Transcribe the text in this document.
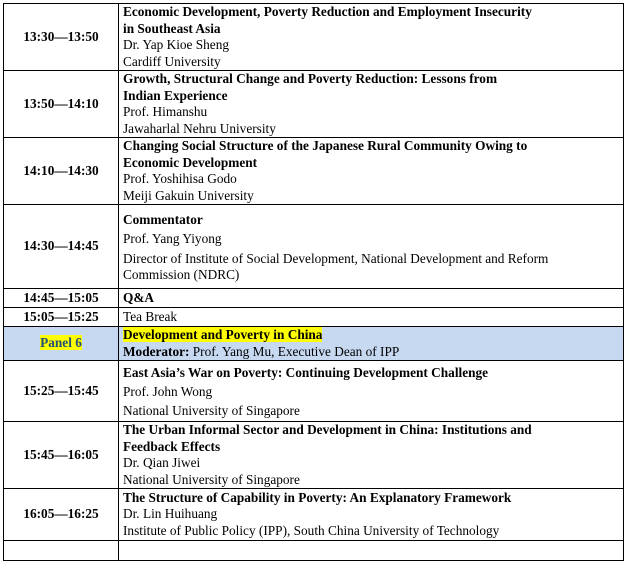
13:30—13:50	Economic Development, Poverty Reduction and Employment Insecurity
in Southeast Asia
Dr. Yap Kioe Sheng
Cardiff University

13:50—14:10	Growth, Structural Change and Poverty Reduction: Lessons from
Indian Experience
Prof. Himanshu
Jawaharlal Nehru University

14:10—14:30	Changing Social Structure of the Japanese Rural Community Owing to
Economic Development
Prof. Yoshihisa Godo
Meiji Gakuin University

14:30—14:45	Commentator
Prof. Yang Yiyong
Director of Institute of Social Development, National Development and Reform
Commission (NDRC)

14:45—15:05	Q&A

15:05—15:25	Tea Break

Panel 6	Development and Poverty in China
Moderator: Prof. Yang Mu, Executive Dean of IPP

15:25—15:45	East Asia’s War on Poverty: Continuing Development Challenge
Prof. John Wong
National University of Singapore

15:45—16:05	The Urban Informal Sector and Development in China: Institutions and
Feedback Effects
Dr. Qian Jiwei
National University of Singapore

16:05—16:25	The Structure of Capability in Poverty: An Explanatory Framework
Dr. Lin Huihuang
Institute of Public Policy (IPP), South China University of Technology
